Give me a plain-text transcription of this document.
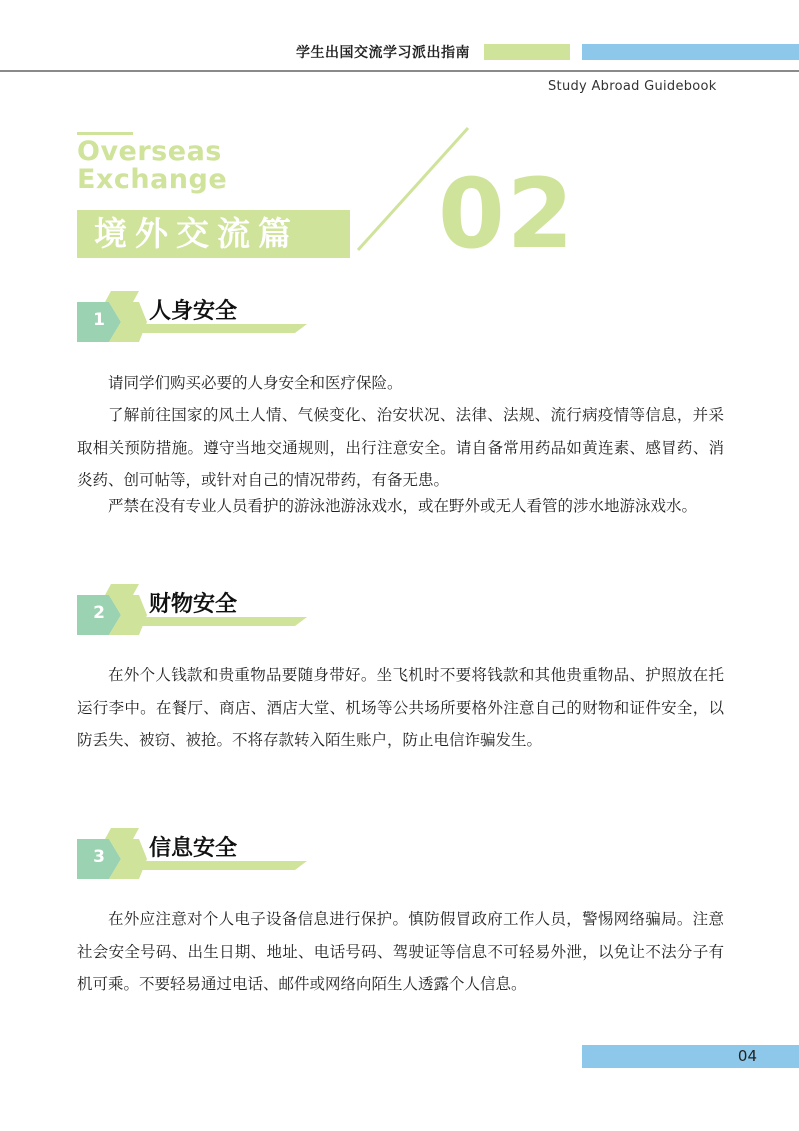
学生出国交流学习派出指南
Study Abroad Guidebook
Overseas
Exchange
境外交流篇 02
1	人身安全

请同学们购买必要的人身安全和医疗保险。

了解前往国家的风土人情、气候变化、治安状况、法律、法规、流行病疫情等信息，并采取相关预防措施。遵守当地交通规则，出行注意安全。请自备常用药品如黄连素、感冒药、消炎药、创可帖等，或针对自己的情况带药，有备无患。

严禁在没有专业人员看护的游泳池游泳戏水，或在野外或无人看管的涉水地游泳戏水。

2	财物安全

在外个人钱款和贵重物品要随身带好。坐飞机时不要将钱款和其他贵重物品、护照放在托运行李中。在餐厅、商店、酒店大堂、机场等公共场所要格外注意自己的财物和证件安全，以防丢失、被窃、被抢。不将存款转入陌生账户，防止电信诈骗发生。

3	信息安全

在外应注意对个人电子设备信息进行保护。慎防假冒政府工作人员，警惕网络骗局。注意社会安全号码、出生日期、地址、电话号码、驾驶证等信息不可轻易外泄，以免让不法分子有机可乘。不要轻易通过电话、邮件或网络向陌生人透露个人信息。

04
